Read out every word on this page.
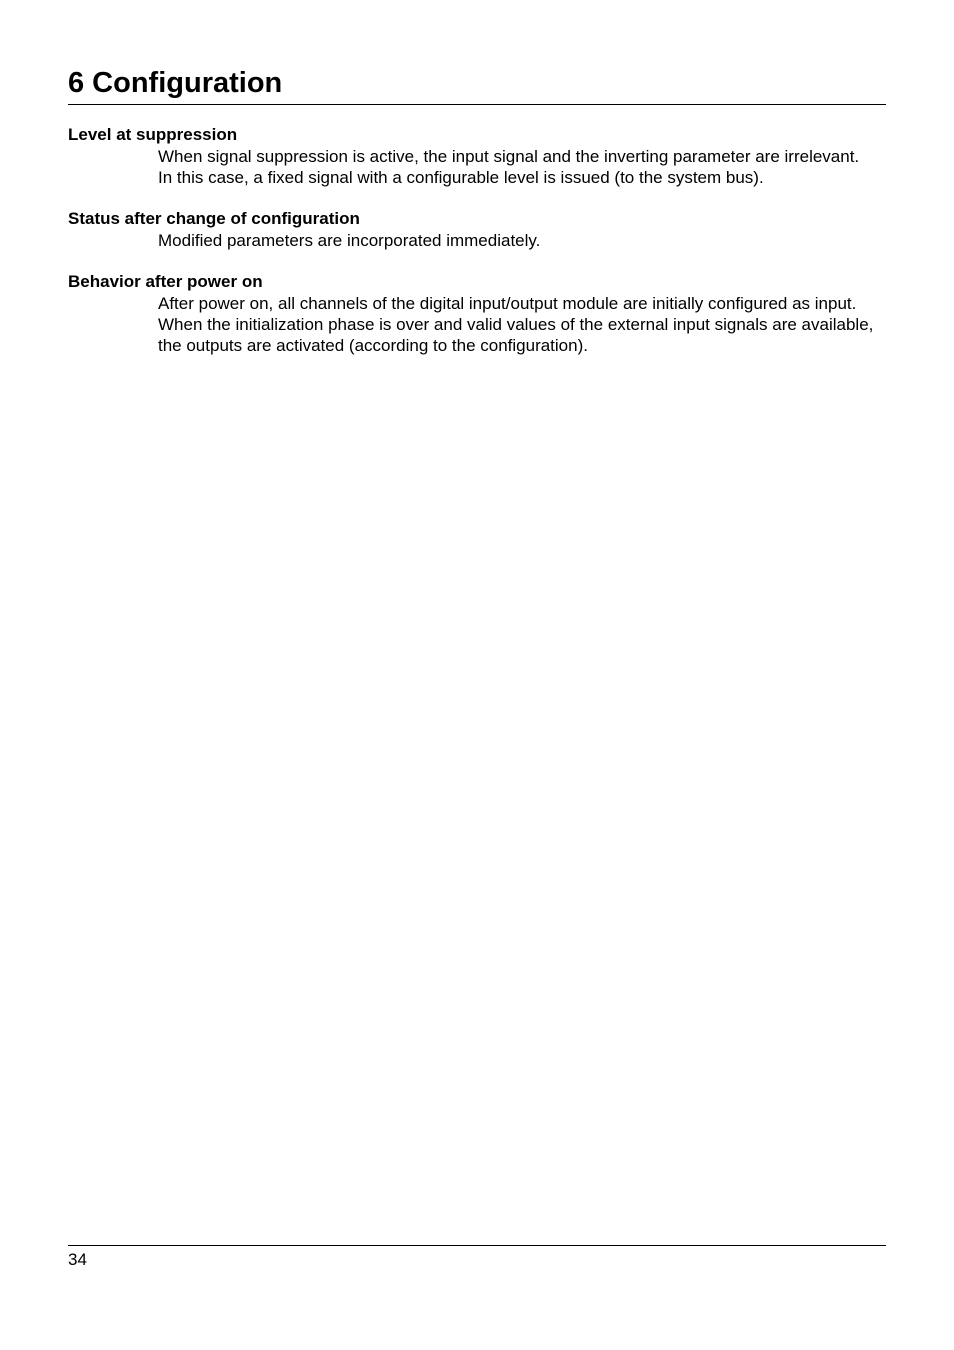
6 Configuration
Level at suppression

When signal suppression is active, the input signal and the inverting parameter are irrelevant.

In this case, a fixed signal with a configurable level is issued (to the system bus).

Status after change of configuration

Modified parameters are incorporated immediately.

Behavior after power on

After power on, all channels of the digital input/output module are initially configured as input.

When the initialization phase is over and valid values of the external input signals are available,

the outputs are activated (according to the configuration).

34
